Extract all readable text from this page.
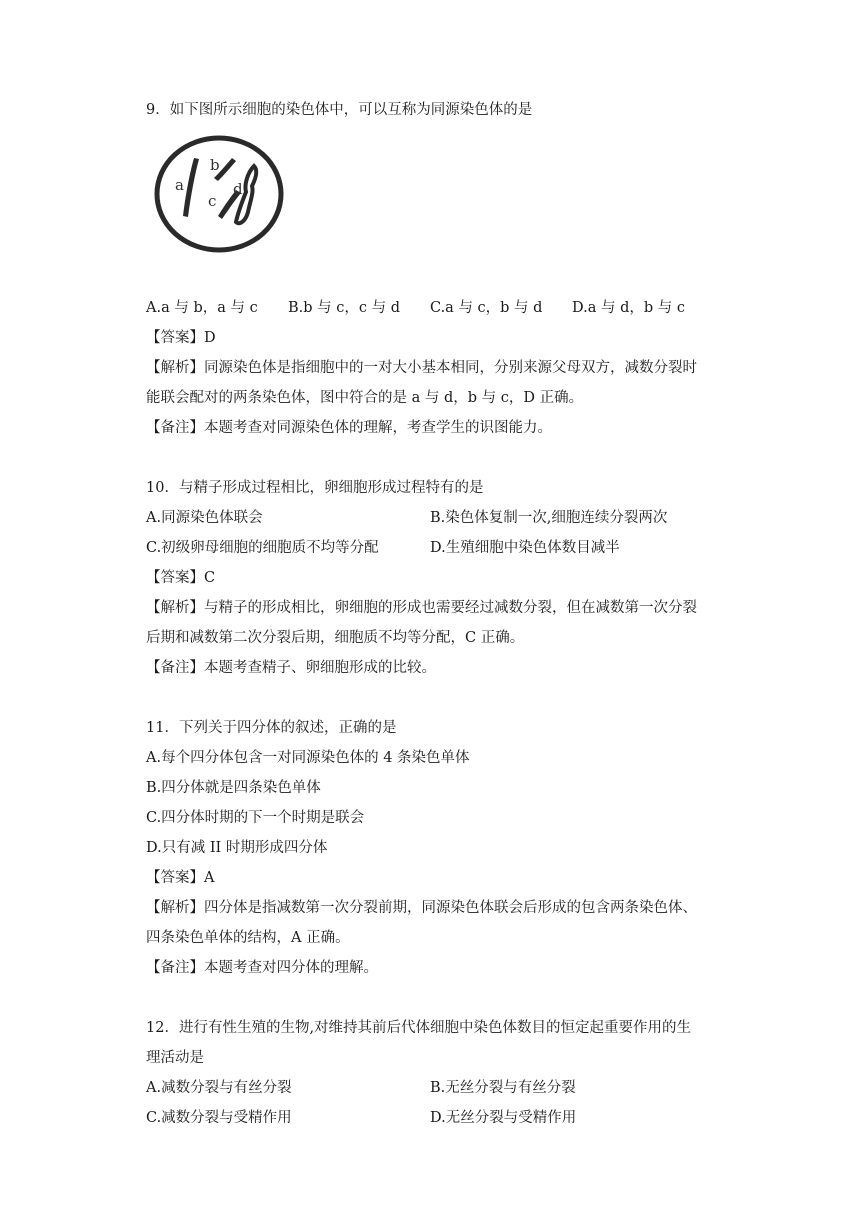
9．如下图所示细胞的染色体中，可以互称为同源染色体的是
a
b
c
d
A.a 与 b，a 与 c B.b 与 c，c 与 d C.a 与 c，b 与 d D.a 与 d，b 与 c
【答案】D
【解析】同源染色体是指细胞中的一对大小基本相同，分别来源父母双方，减数分裂时
能联会配对的两条染色体，图中符合的是 a 与 d，b 与 c，D 正确。
【备注】本题考查对同源染色体的理解，考查学生的识图能力。
10．与精子形成过程相比，卵细胞形成过程特有的是
A.同源染色体联会	B.染色体复制一次,细胞连续分裂两次
C.初级卵母细胞的细胞质不均等分配	D.生殖细胞中染色体数目减半
【答案】C
【解析】与精子的形成相比，卵细胞的形成也需要经过减数分裂，但在减数第一次分裂
后期和减数第二次分裂后期，细胞质不均等分配，C 正确。
【备注】本题考查精子、卵细胞形成的比较。
11．下列关于四分体的叙述，正确的是
A.每个四分体包含一对同源染色体的 4 条染色单体
B.四分体就是四条染色单体
C.四分体时期的下一个时期是联会
D.只有减 II 时期形成四分体
【答案】A
【解析】四分体是指减数第一次分裂前期，同源染色体联会后形成的包含两条染色体、
四条染色单体的结构，A 正确。
【备注】本题考查对四分体的理解。
12．进行有性生殖的生物,对维持其前后代体细胞中染色体数目的恒定起重要作用的生
理活动是
A.减数分裂与有丝分裂	B.无丝分裂与有丝分裂
C.减数分裂与受精作用	D.无丝分裂与受精作用
